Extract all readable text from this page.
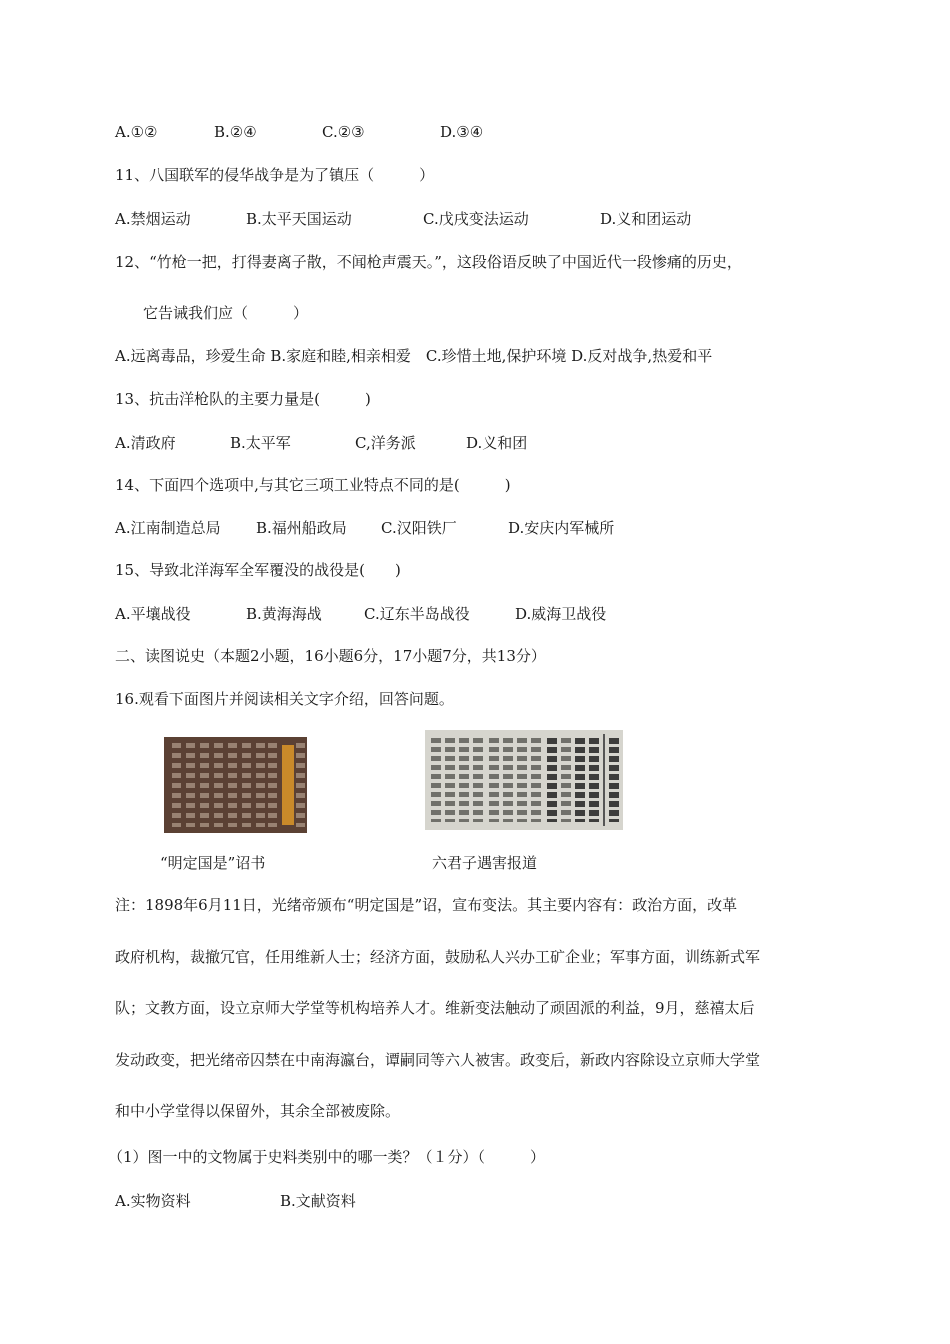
A.①②	B.②④	C.②③	D.③④
11、八国联军的侵华战争是为了镇压（　　　）
A.禁烟运动	B.太平天国运动	C.戊戌变法运动	D.义和团运动
12、“竹枪一把，打得妻离子散，不闻枪声震天。”，这段俗语反映了中国近代一段惨痛的历史，
它告诫我们应（　　　）
A.远离毒品，珍爱生命 B.家庭和睦,相亲相爱　C.珍惜土地,保护环境 D.反对战争,热爱和平
13、抗击洋枪队的主要力量是(　　　)
A.清政府	B.太平军	C,洋务派	D.义和团
14、下面四个选项中,与其它三项工业特点不同的是(　　　)
A.江南制造总局 B.福州船政局 C.汉阳铁厂	D.安庆内军械所
15、导致北洋海军全军覆没的战役是(　　)
A.平壤战役	B.黄海海战	C.辽东半岛战役	D.威海卫战役
二、读图说史（本题2小题，16小题6分，17小题7分，共13分）
16.观看下面图片并阅读相关文字介绍，回答问题。
“明定国是”诏书	六君子遇害报道
注：1898年6月11日，光绪帝颁布“明定国是”诏，宣布变法。其主要内容有：政治方面，改革
政府机构，裁撤冗官，任用维新人士；经济方面，鼓励私人兴办工矿企业；军事方面，训练新式军
队；文教方面，设立京师大学堂等机构培养人才。维新变法触动了顽固派的利益，9月，慈禧太后
发动政变，把光绪帝囚禁在中南海瀛台，谭嗣同等六人被害。政变后，新政内容除设立京师大学堂
和中小学堂得以保留外，其余全部被废除。
（1）图一中的文物属于史料类别中的哪一类？（１分）（　　　）
A.实物资料	B.文献资料
